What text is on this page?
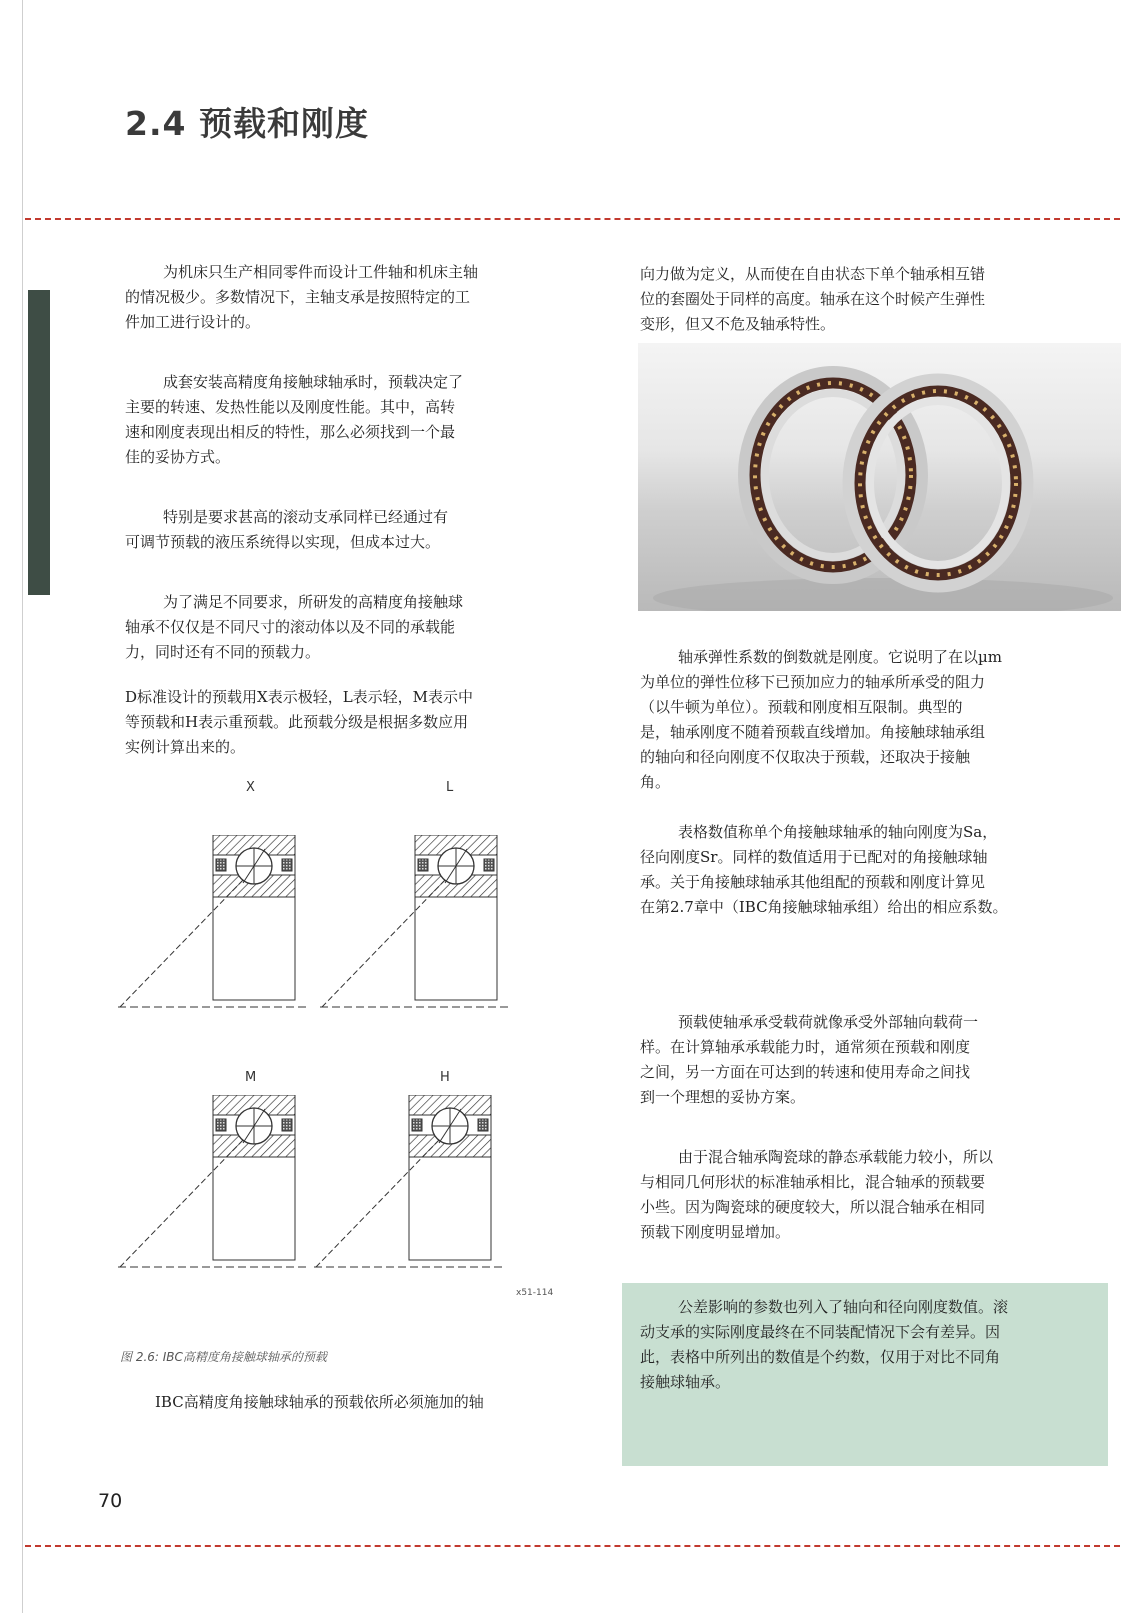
2.4 预载和刚度
为机床只生产相同零件而设计工件轴和机床主轴
的情况极少。多数情况下，主轴支承是按照特定的工
件加工进行设计的。
成套安装高精度角接触球轴承时，预载决定了
主要的转速、发热性能以及刚度性能。其中，高转
速和刚度表现出相反的特性，那么必须找到一个最
佳的妥协方式。
特别是要求甚高的滚动支承同样已经通过有
可调节预载的液压系统得以实现，但成本过大。
为了满足不同要求，所研发的高精度角接触球
轴承不仅仅是不同尺寸的滚动体以及不同的承载能
力，同时还有不同的预载力。
D标准设计的预载用X表示极轻，L表示轻，M表示中
等预载和H表示重预载。此预载分级是根据多数应用
实例计算出来的。
X	L
M	H
x51-114
图 2.6: IBC高精度角接触球轴承的预载
IBC高精度角接触球轴承的预载依所必须施加的轴
向力做为定义，从而使在自由状态下单个轴承相互错
位的套圈处于同样的高度。轴承在这个时候产生弹性
变形，但又不危及轴承特性。
轴承弹性系数的倒数就是刚度。它说明了在以µm
为单位的弹性位移下已预加应力的轴承所承受的阻力
（以牛顿为单位）。预载和刚度相互限制。典型的
是，轴承刚度不随着预载直线增加。角接触球轴承组
的轴向和径向刚度不仅取决于预载，还取决于接触
角。
表格数值称单个角接触球轴承的轴向刚度为Sa，
径向刚度Sr。同样的数值适用于已配对的角接触球轴
承。关于角接触球轴承其他组配的预载和刚度计算见
在第2.7章中（IBC角接触球轴承组）给出的相应系数。
预载使轴承承受载荷就像承受外部轴向载荷一
样。在计算轴承承载能力时，通常须在预载和刚度
之间，另一方面在可达到的转速和使用寿命之间找
到一个理想的妥协方案。
由于混合轴承陶瓷球的静态承载能力较小，所以
与相同几何形状的标准轴承相比，混合轴承的预载要
小些。因为陶瓷球的硬度较大，所以混合轴承在相同
预载下刚度明显增加。
公差影响的参数也列入了轴向和径向刚度数值。滚
动支承的实际刚度最终在不同装配情况下会有差异。因
此，表格中所列出的数值是个约数，仅用于对比不同角
接触球轴承。
70
